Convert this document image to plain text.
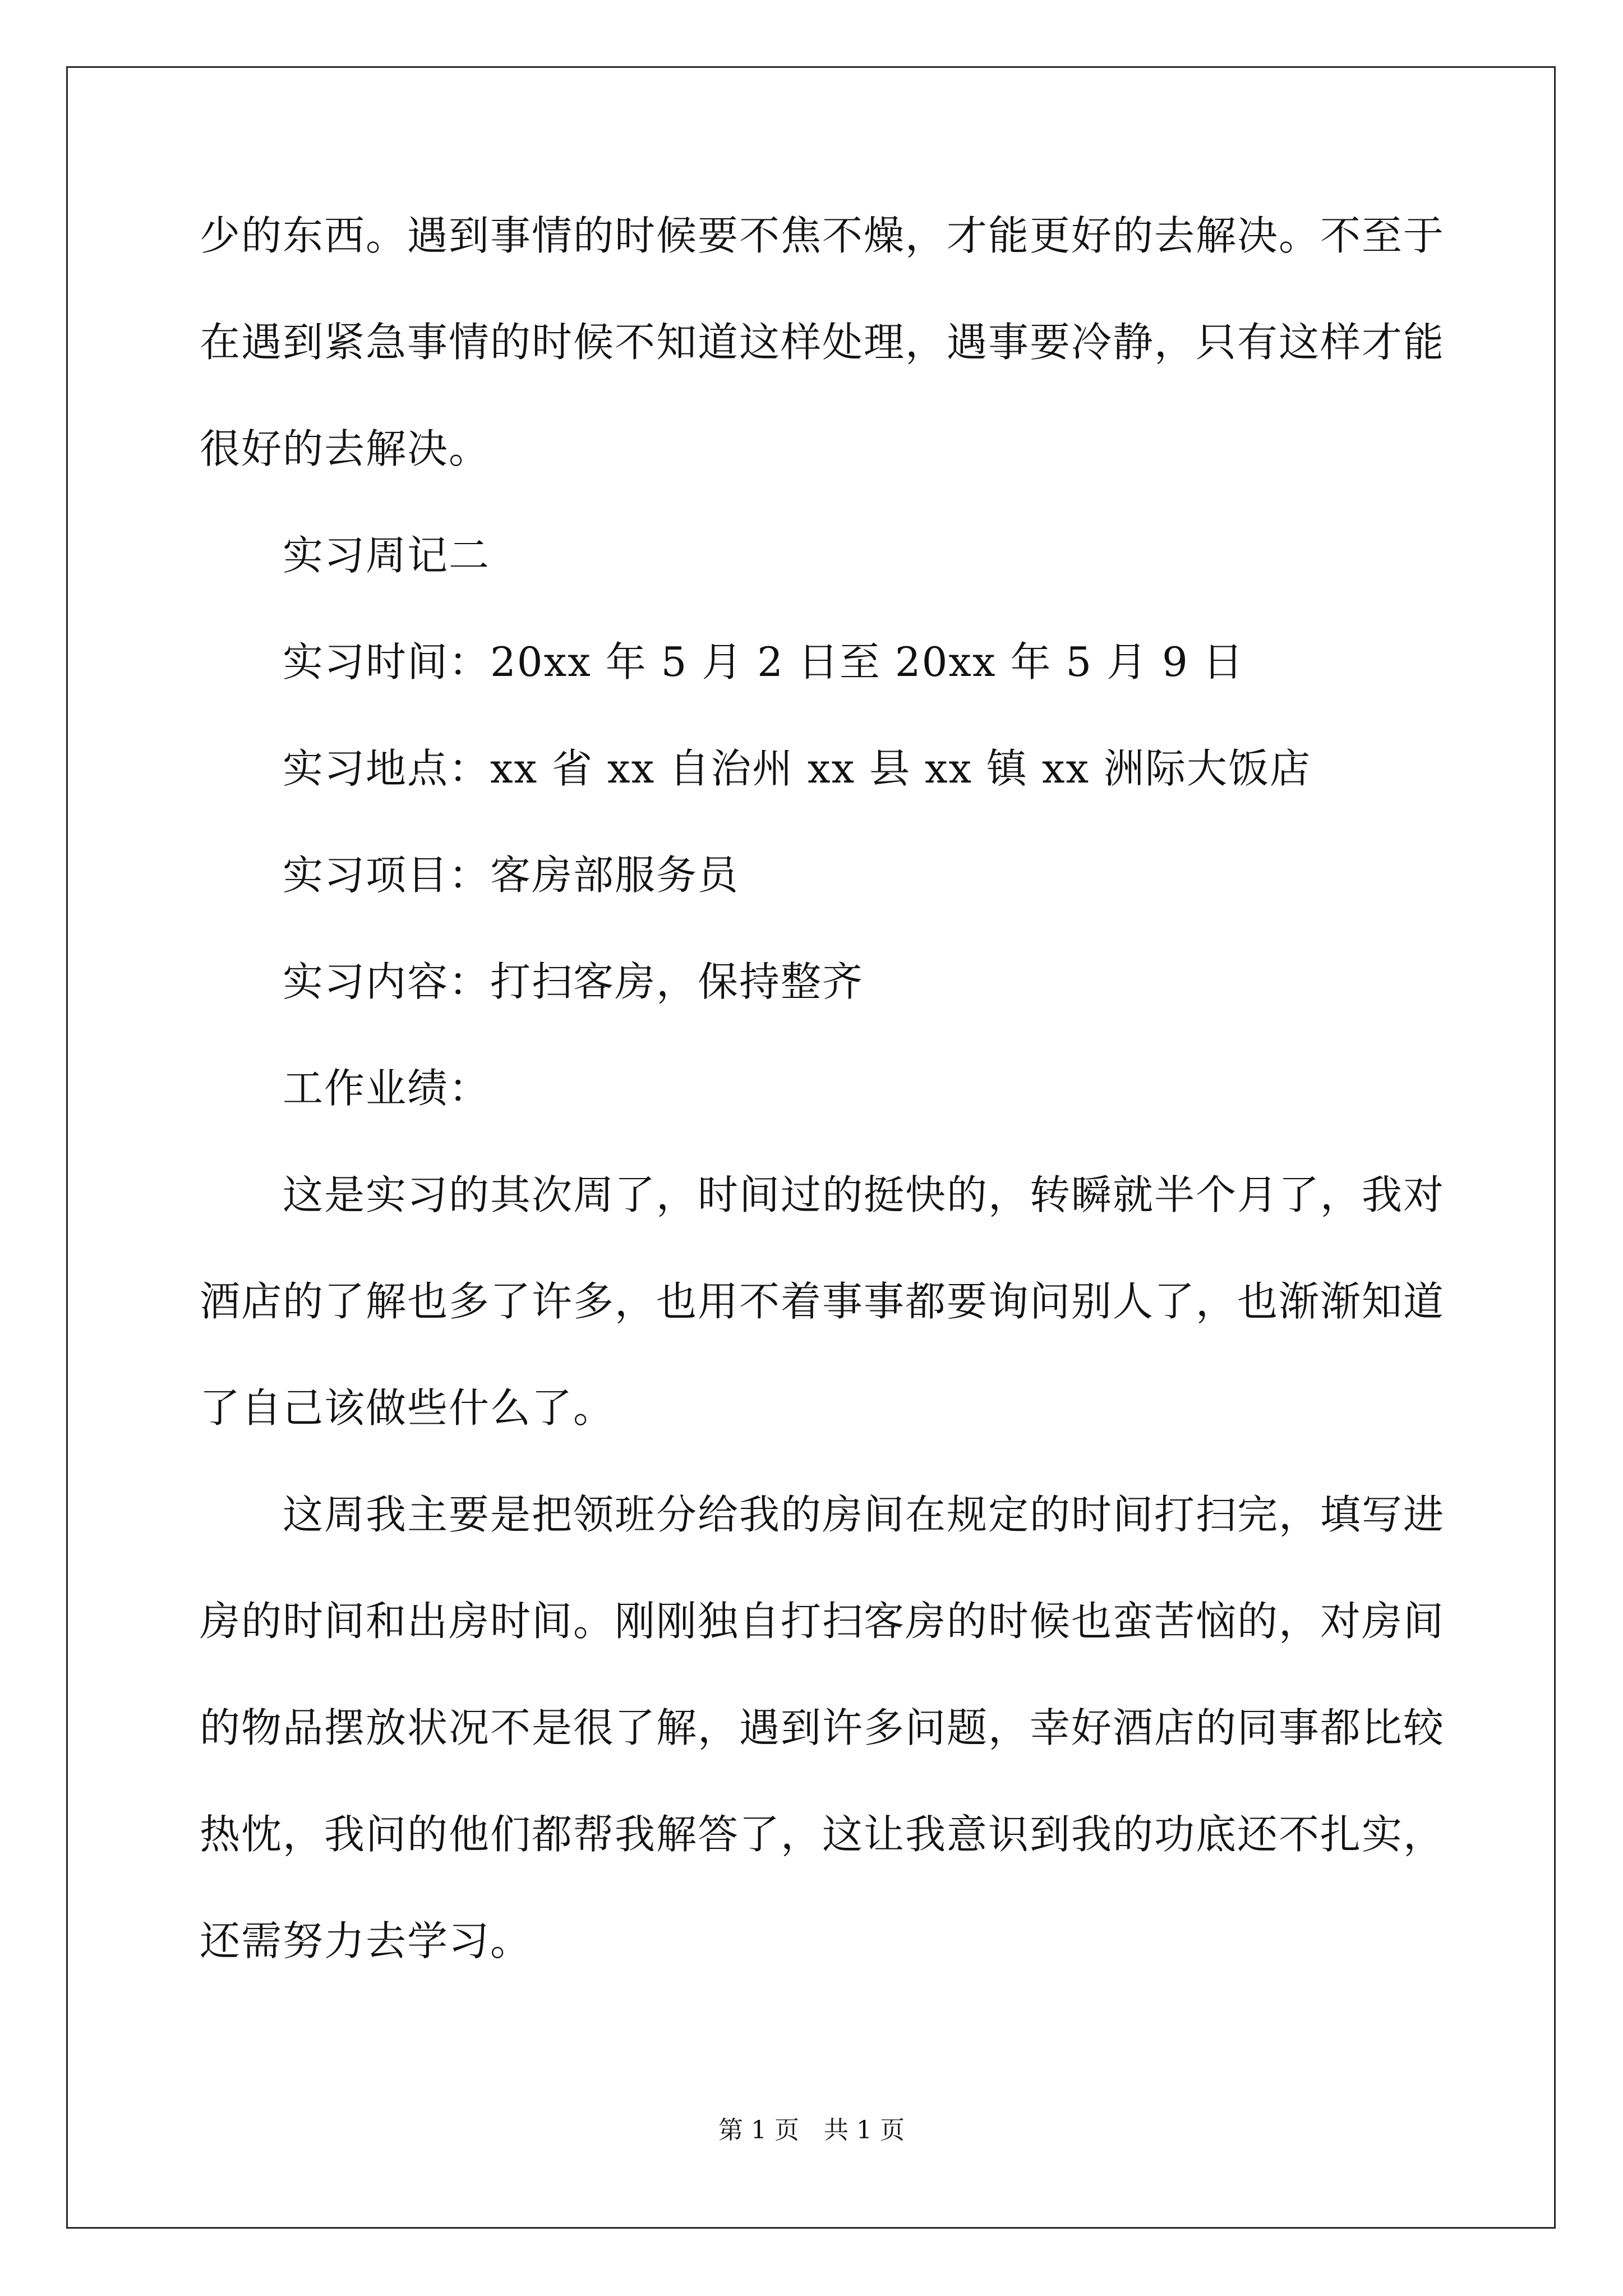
少的东西。遇到事情的时候要不焦不燥，才能更好的去解决。不至于

在遇到紧急事情的时候不知道这样处理，遇事要冷静，只有这样才能

很好的去解决。

　　实习周记二

　　实习时间：20xx 年 5 月 2 日至 20xx 年 5 月 9 日

　　实习地点：xx 省 xx 自治州 xx 县 xx 镇 xx 洲际大饭店

　　实习项目：客房部服务员

　　实习内容：打扫客房，保持整齐

　　工作业绩：

　　这是实习的其次周了，时间过的挺快的，转瞬就半个月了，我对

酒店的了解也多了许多，也用不着事事都要询问别人了，也渐渐知道

了自己该做些什么了。

　　这周我主要是把领班分给我的房间在规定的时间打扫完，填写进

房的时间和出房时间。刚刚独自打扫客房的时候也蛮苦恼的，对房间

的物品摆放状况不是很了解，遇到许多问题，幸好酒店的同事都比较

热忱，我问的他们都帮我解答了，这让我意识到我的功底还不扎实，

还需努力去学习。

第 1 页　共 1 页
